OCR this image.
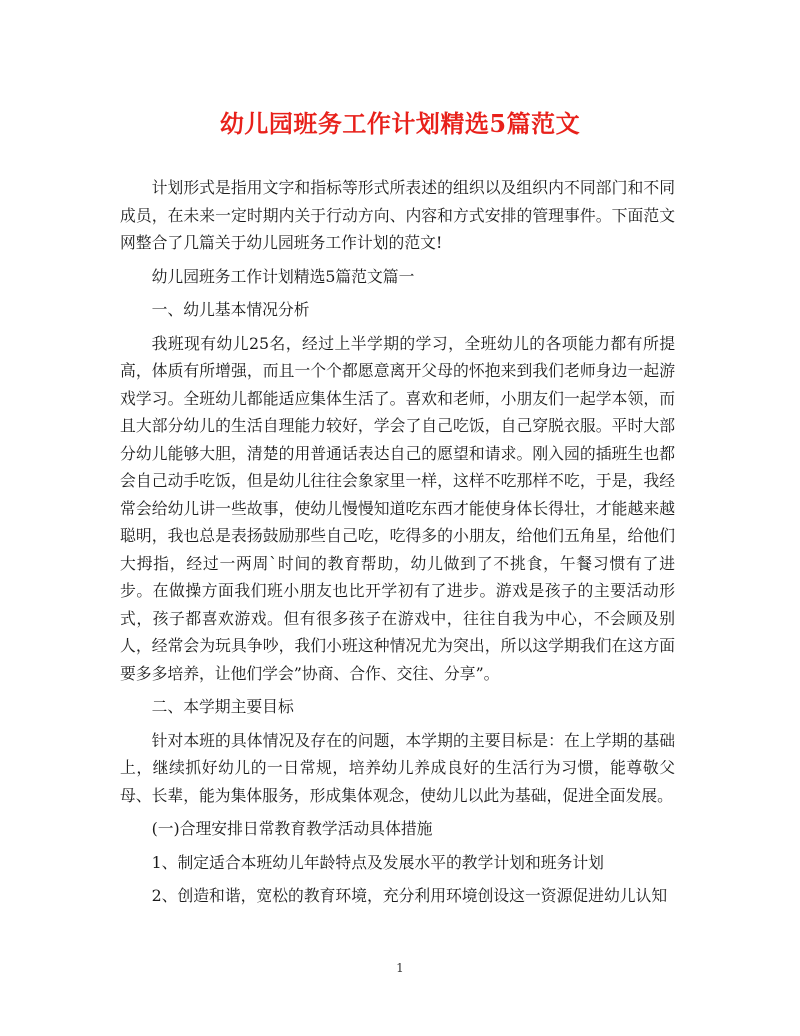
幼儿园班务工作计划精选5篇范文

计划形式是指用文字和指标等形式所表述的组织以及组织内不同部门和不同成员，在未来一定时期内关于行动方向、内容和方式安排的管理事件。下面范文网整合了几篇关于幼儿园班务工作计划的范文!

幼儿园班务工作计划精选5篇范文篇一

一、幼儿基本情况分析

我班现有幼儿25名，经过上半学期的学习，全班幼儿的各项能力都有所提高，体质有所增强，而且一个个都愿意离开父母的怀抱来到我们老师身边一起游戏学习。全班幼儿都能适应集体生活了。喜欢和老师，小朋友们一起学本领，而且大部分幼儿的生活自理能力较好，学会了自己吃饭，自己穿脱衣服。平时大部分幼儿能够大胆，清楚的用普通话表达自己的愿望和请求。刚入园的插班生也都会自己动手吃饭，但是幼儿往往会象家里一样，这样不吃那样不吃，于是，我经常会给幼儿讲一些故事，使幼儿慢慢知道吃东西才能使身体长得壮，才能越来越聪明，我也总是表扬鼓励那些自己吃，吃得多的小朋友，给他们五角星，给他们大拇指，经过一两周`时间的教育帮助，幼儿做到了不挑食，午餐习惯有了进步。在做操方面我们班小朋友也比开学初有了进步。游戏是孩子的主要活动形式，孩子都喜欢游戏。但有很多孩子在游戏中，往往自我为中心，不会顾及别人，经常会为玩具争吵，我们小班这种情况尤为突出，所以这学期我们在这方面要多多培养，让他们学会”协商、合作、交往、分享”。

二、本学期主要目标

针对本班的具体情况及存在的问题，本学期的主要目标是：在上学期的基础上，继续抓好幼儿的一日常规，培养幼儿养成良好的生活行为习惯，能尊敬父母、长辈，能为集体服务，形成集体观念，使幼儿以此为基础，促进全面发展。

(一)合理安排日常教育教学活动具体措施

1、制定适合本班幼儿年龄特点及发展水平的教学计划和班务计划

2、创造和谐，宽松的教育环境，充分利用环境创设这一资源促进幼儿认知

1
